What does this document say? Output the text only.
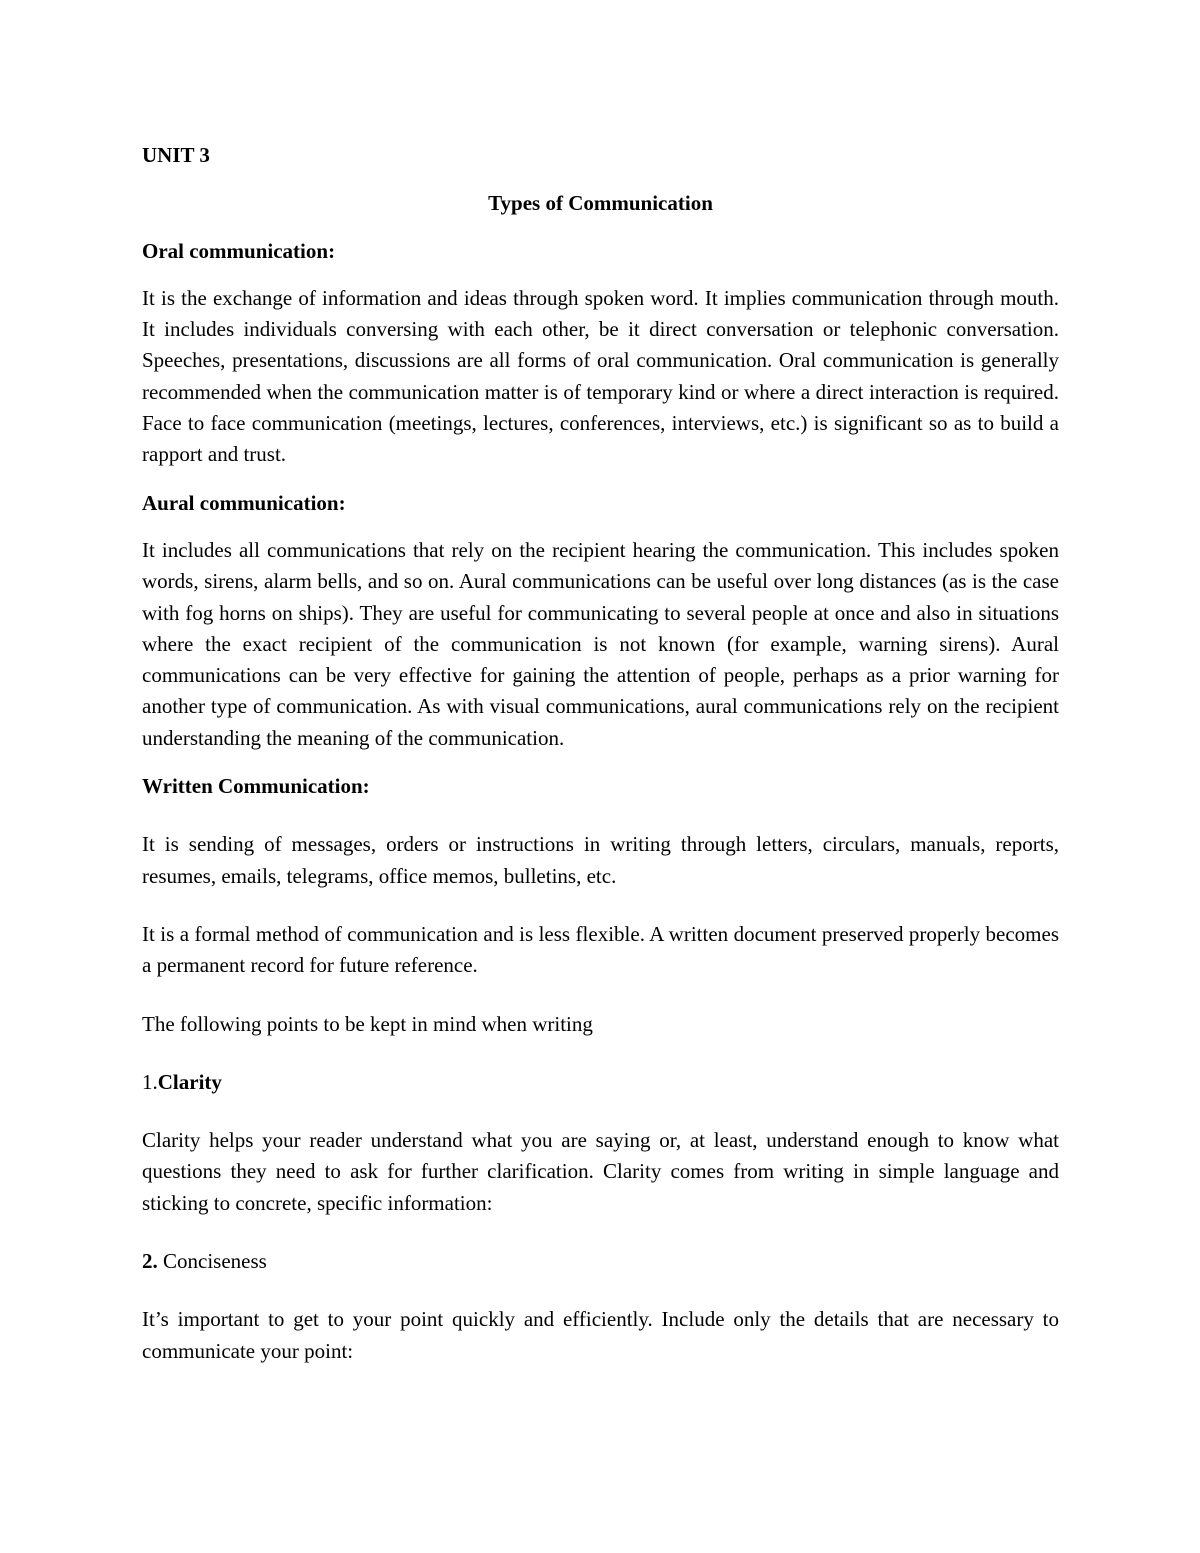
UNIT 3
Types of Communication
Oral communication:
It is the exchange of information and ideas through spoken word. It implies communication through mouth. It includes individuals conversing with each other, be it direct conversation or telephonic conversation. Speeches, presentations, discussions are all forms of oral communication. Oral communication is generally recommended when the communication matter is of temporary kind or where a direct interaction is required. Face to face communication (meetings, lectures, conferences, interviews, etc.) is significant so as to build a rapport and trust.
Aural communication:
It includes all communications that rely on the recipient hearing the communication. This includes spoken words, sirens, alarm bells, and so on. Aural communications can be useful over long distances (as is the case with fog horns on ships). They are useful for communicating to several people at once and also in situations where the exact recipient of the communication is not known (for example, warning sirens). Aural communications can be very effective for gaining the attention of people, perhaps as a prior warning for another type of communication. As with visual communications, aural communications rely on the recipient understanding the meaning of the communication.
Written Communication:
It is sending of messages, orders or instructions in writing through letters, circulars, manuals, reports, resumes, emails, telegrams, office memos, bulletins, etc.
It is a formal method of communication and is less flexible. A written document preserved properly becomes a permanent record for future reference.
The following points to be kept in mind when writing
1.Clarity
Clarity helps your reader understand what you are saying or, at least, understand enough to know what questions they need to ask for further clarification. Clarity comes from writing in simple language and sticking to concrete, specific information:
2. Conciseness
It’s important to get to your point quickly and efficiently. Include only the details that are necessary to communicate your point:
